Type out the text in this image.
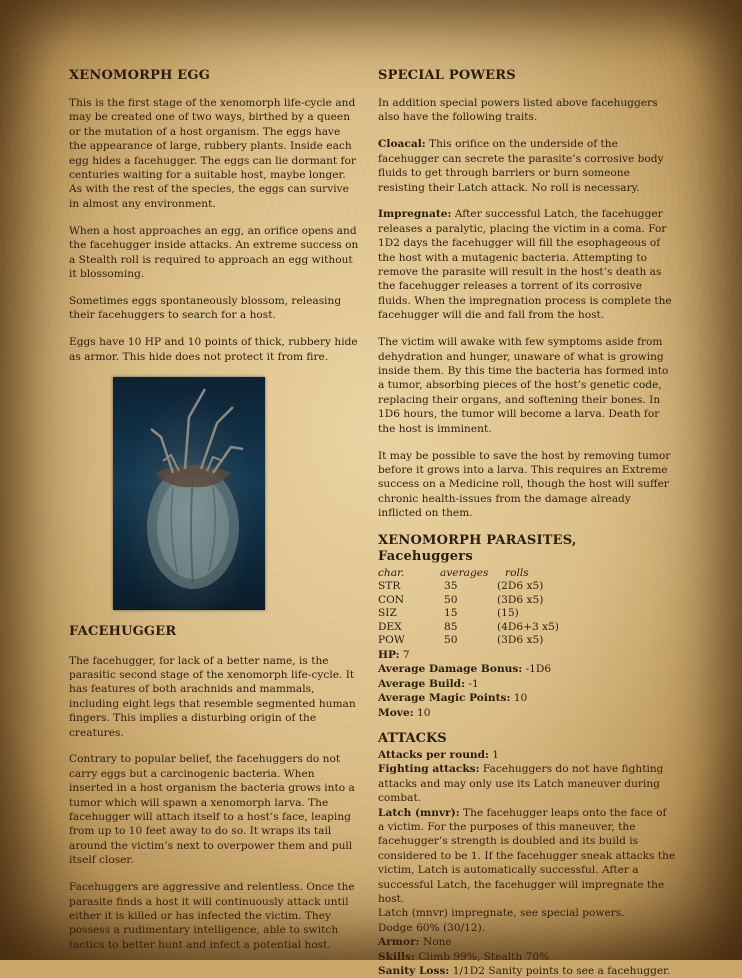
XENOMORPH EGG

This is the first stage of the xenomorph life-cycle and may be created one of two ways, birthed by a queen or the mutation of a host organism. The eggs have the appearance of large, rubbery plants. Inside each egg hides a facehugger. The eggs can lie dormant for centuries waiting for a suitable host, maybe longer. As with the rest of the species, the eggs can survive in almost any environment.

When a host approaches an egg, an orifice opens and the facehugger inside attacks. An extreme success on a Stealth roll is required to approach an egg without it blossoming.

Sometimes eggs spontaneously blossom, releasing their facehuggers to search for a host.

Eggs have 10 HP and 10 points of thick, rubbery hide as armor. This hide does not protect it from fire.

FACEHUGGER

The facehugger, for lack of a better name, is the parasitic second stage of the xenomorph life-cycle. It has features of both arachnids and mammals, including eight legs that resemble segmented human fingers. This implies a disturbing origin of the creatures.

Contrary to popular belief, the facehuggers do not carry eggs but a carcinogenic bacteria. When inserted in a host organism the bacteria grows into a tumor which will spawn a xenomorph larva. The facehugger will attach itself to a host’s face, leaping from up to 10 feet away to do so. It wraps its tail around the victim’s next to overpower them and pull itself closer.

Facehuggers are aggressive and relentless. Once the parasite finds a host it will continuously attack until either it is killed or has infected the victim. They possess a rudimentary intelligence, able to switch tactics to better hunt and infect a potential host.

SPECIAL POWERS

In addition special powers listed above facehuggers also have the following traits.

Cloacal: This orifice on the underside of the facehugger can secrete the parasite’s corrosive body fluids to get through barriers or burn someone resisting their Latch attack. No roll is necessary.

Impregnate: After successful Latch, the facehugger releases a paralytic, placing the victim in a coma. For 1D2 days the facehugger will fill the esophageous of the host with a mutagenic bacteria. Attempting to remove the parasite will result in the host’s death as the facehugger releases a torrent of its corrosive fluids. When the impregnation process is complete the facehugger will die and fall from the host.

The victim will awake with few symptoms aside from dehydration and hunger, unaware of what is growing inside them. By this time the bacteria has formed into a tumor, absorbing pieces of the host’s genetic code, replacing their organs, and softening their bones. In 1D6 hours, the tumor will become a larva. Death for the host is imminent.

It may be possible to save the host by removing tumor before it grows into a larva. This requires an Extreme success on a Medicine roll, though the host will suffer chronic health-issues from the damage already inflicted on them.

XENOMORPH PARASITES, Facehuggers
char.	averages	rolls
STR	35	(2D6 x5)
CON	50	(3D6 x5)
SIZ	15	(15)
DEX	85	(4D6+3 x5)
POW	50	(3D6 x5)

HP: 7

Average Damage Bonus: -1D6

Average Build: -1

Average Magic Points: 10

Move: 10

ATTACKS

Attacks per round: 1

Fighting attacks: Facehuggers do not have fighting attacks and may only use its Latch maneuver during combat.

Latch (mnvr): The facehugger leaps onto the face of a victim. For the purposes of this maneuver, the facehugger’s strength is doubled and its build is considered to be 1. If the facehugger sneak attacks the victim, Latch is automatically successful. After a successful Latch, the facehugger will impregnate the host.

Latch (mnvr) impregnate, see special powers.

Dodge 60% (30/12).

Armor: None

Skills: Climb 99%, Stealth 70%

Sanity Loss: 1/1D2 Sanity points to see a facehugger.
